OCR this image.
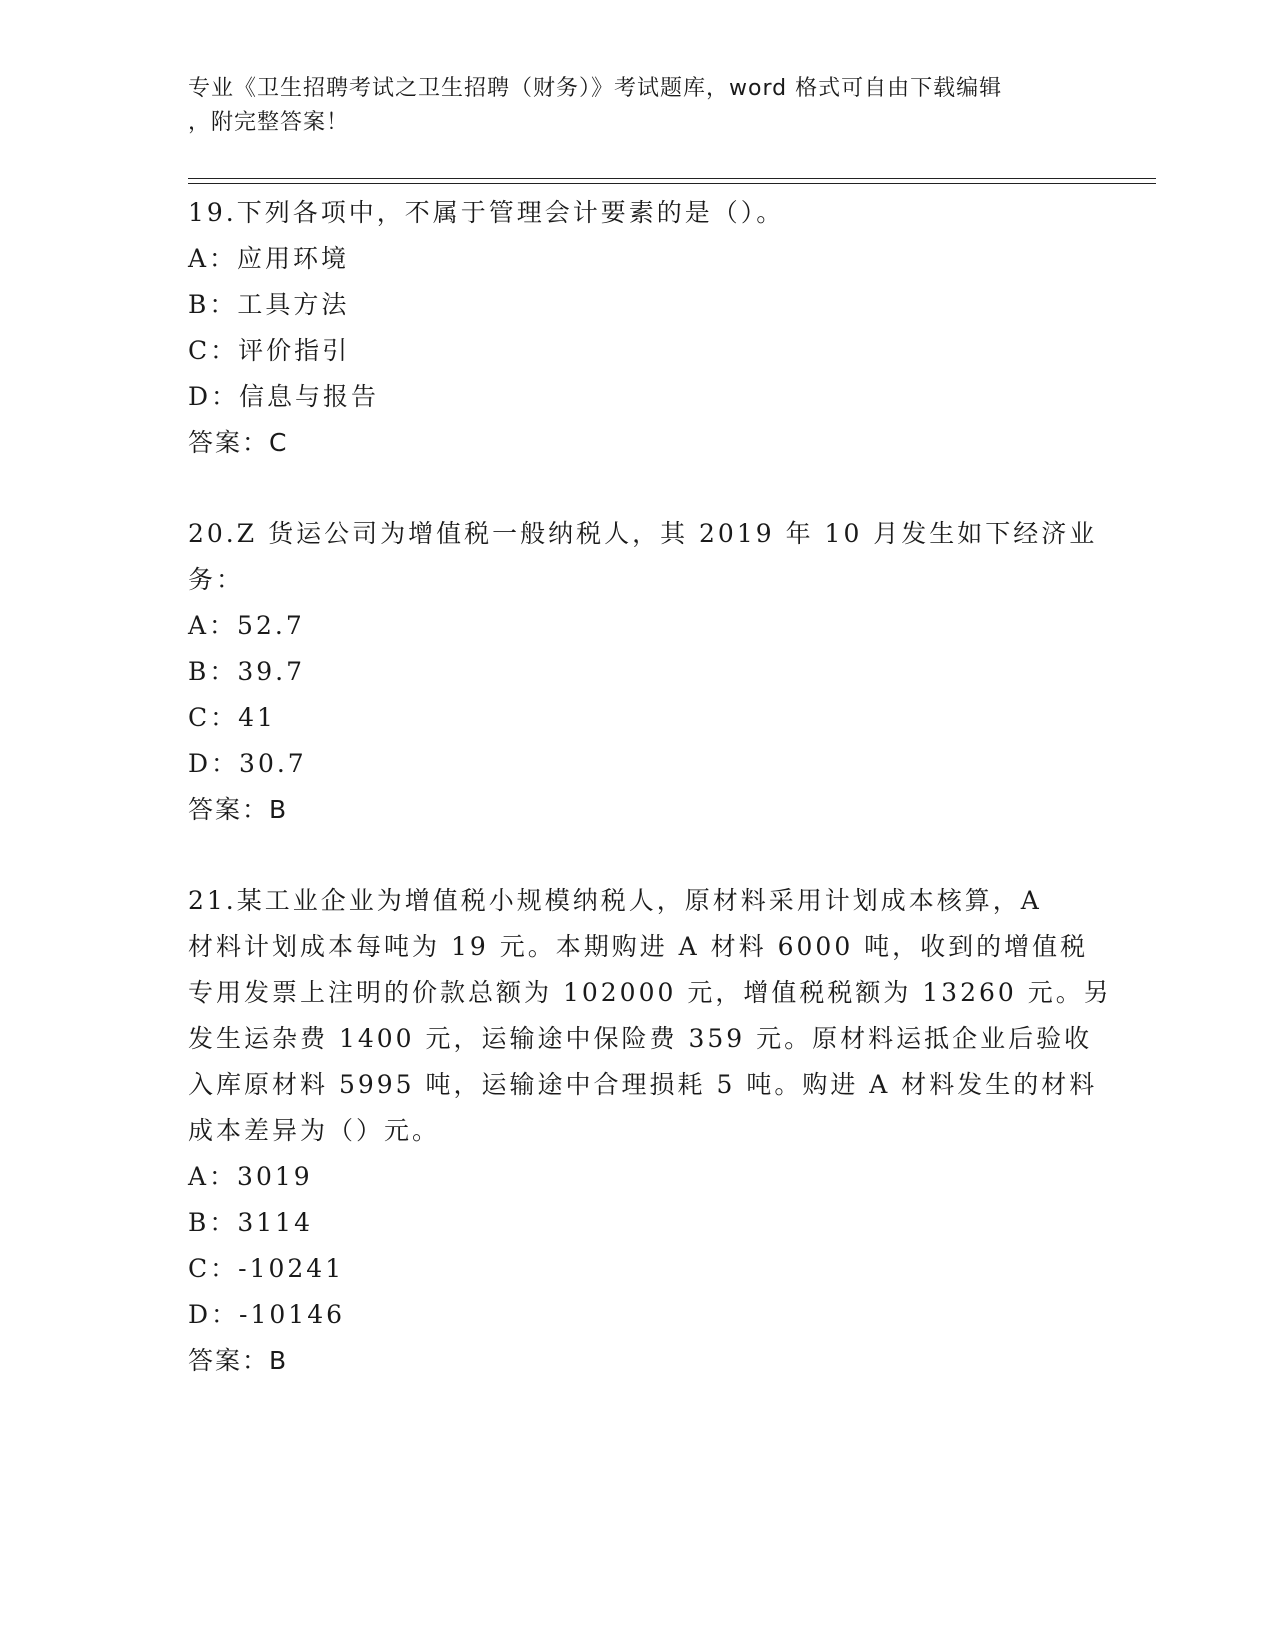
专业《卫生招聘考试之卫生招聘（财务）》考试题库，word 格式可自由下载编辑
，附完整答案！
19.下列各项中，不属于管理会计要素的是（）。
A：应用环境
B：工具方法
C：评价指引
D：信息与报告
答案：C
20.Z 货运公司为增值税一般纳税人，其 2019 年 10 月发生如下经济业
务：
A：52.7
B：39.7
C：41
D：30.7
答案：B
21.某工业企业为增值税小规模纳税人，原材料采用计划成本核算，A
材料计划成本每吨为 19 元。本期购进 A 材料 6000 吨，收到的增值税
专用发票上注明的价款总额为 102000 元，增值税税额为 13260 元。另
发生运杂费 1400 元，运输途中保险费 359 元。原材料运抵企业后验收
入库原材料 5995 吨，运输途中合理损耗 5 吨。购进 A 材料发生的材料
成本差异为（）元。
A：3019
B：3114
C：-10241
D：-10146
答案：B
